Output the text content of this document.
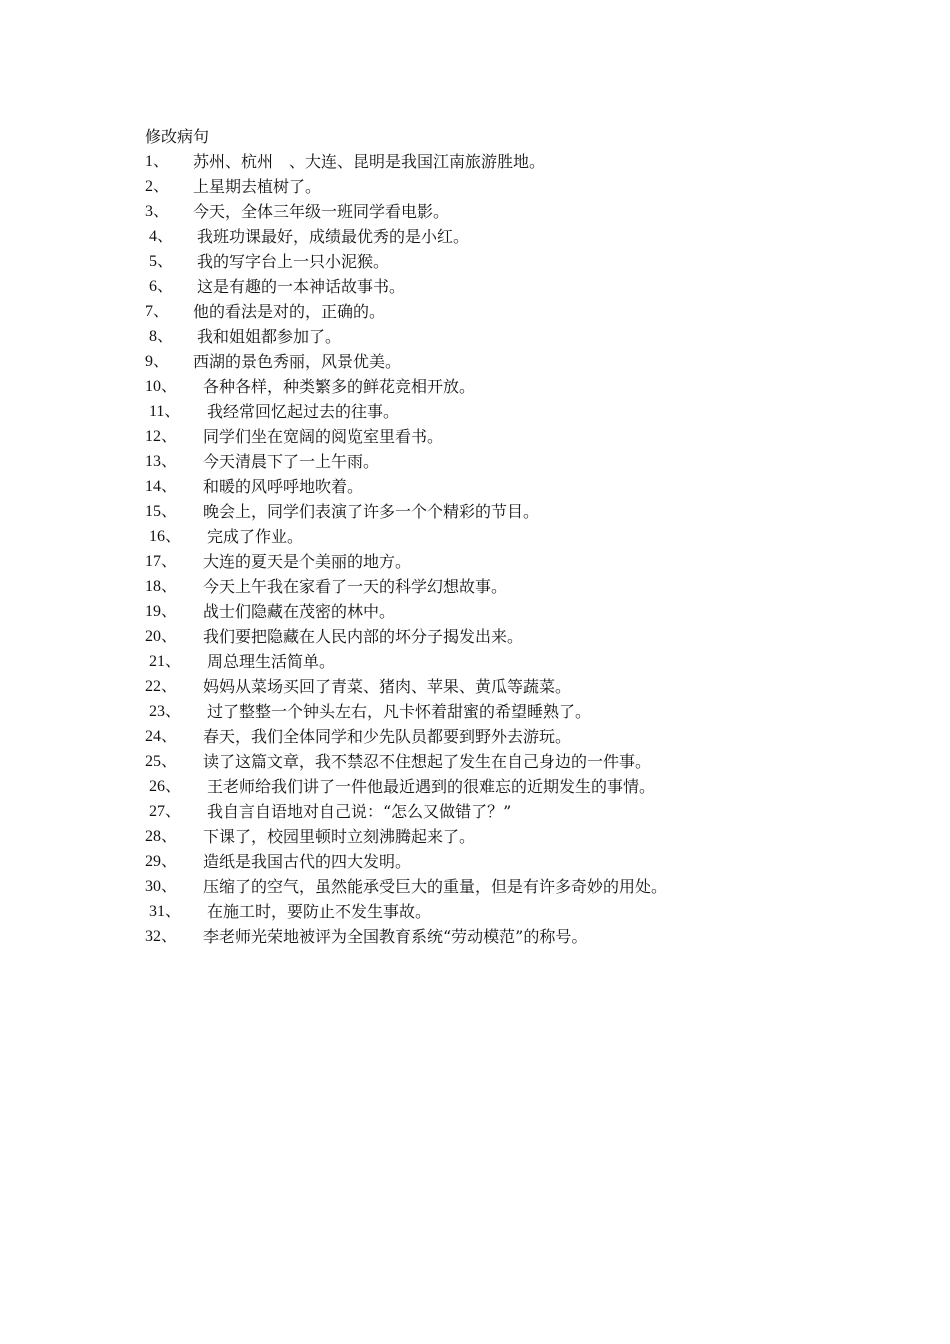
修改病句
1、 苏州、杭州　、大连、昆明是我国江南旅游胜地。
2、 上星期去植树了。
3、 今天，全体三年级一班同学看电影。
4、 我班功课最好，成绩最优秀的是小红。
5、 我的写字台上一只小泥猴。
6、 这是有趣的一本神话故事书。
7、 他的看法是对的，正确的。
8、 我和姐姐都参加了。
9、 西湖的景色秀丽，风景优美。
10、 各种各样，种类繁多的鲜花竞相开放。
11、 我经常回忆起过去的往事。
12、 同学们坐在宽阔的阅览室里看书。
13、 今天清晨下了一上午雨。
14、 和暖的风呼呼地吹着。
15、 晚会上，同学们表演了许多一个个精彩的节目。
16、 完成了作业。
17、 大连的夏天是个美丽的地方。
18、 今天上午我在家看了一天的科学幻想故事。
19、 战士们隐藏在茂密的林中。
20、 我们要把隐藏在人民内部的坏分子揭发出来。
21、 周总理生活简单。
22、 妈妈从菜场买回了青菜、猪肉、苹果、黄瓜等蔬菜。
23、 过了整整一个钟头左右，凡卡怀着甜蜜的希望睡熟了。
24、 春天，我们全体同学和少先队员都要到野外去游玩。
25、 读了这篇文章，我不禁忍不住想起了发生在自己身边的一件事。
26、 王老师给我们讲了一件他最近遇到的很难忘的近期发生的事情。
27、 我自言自语地对自己说：“怎么又做错了？”
28、 下课了，校园里顿时立刻沸腾起来了。
29、 造纸是我国古代的四大发明。
30、 压缩了的空气，虽然能承受巨大的重量，但是有许多奇妙的用处。
31、 在施工时，要防止不发生事故。
32、 李老师光荣地被评为全国教育系统“劳动模范”的称号。
